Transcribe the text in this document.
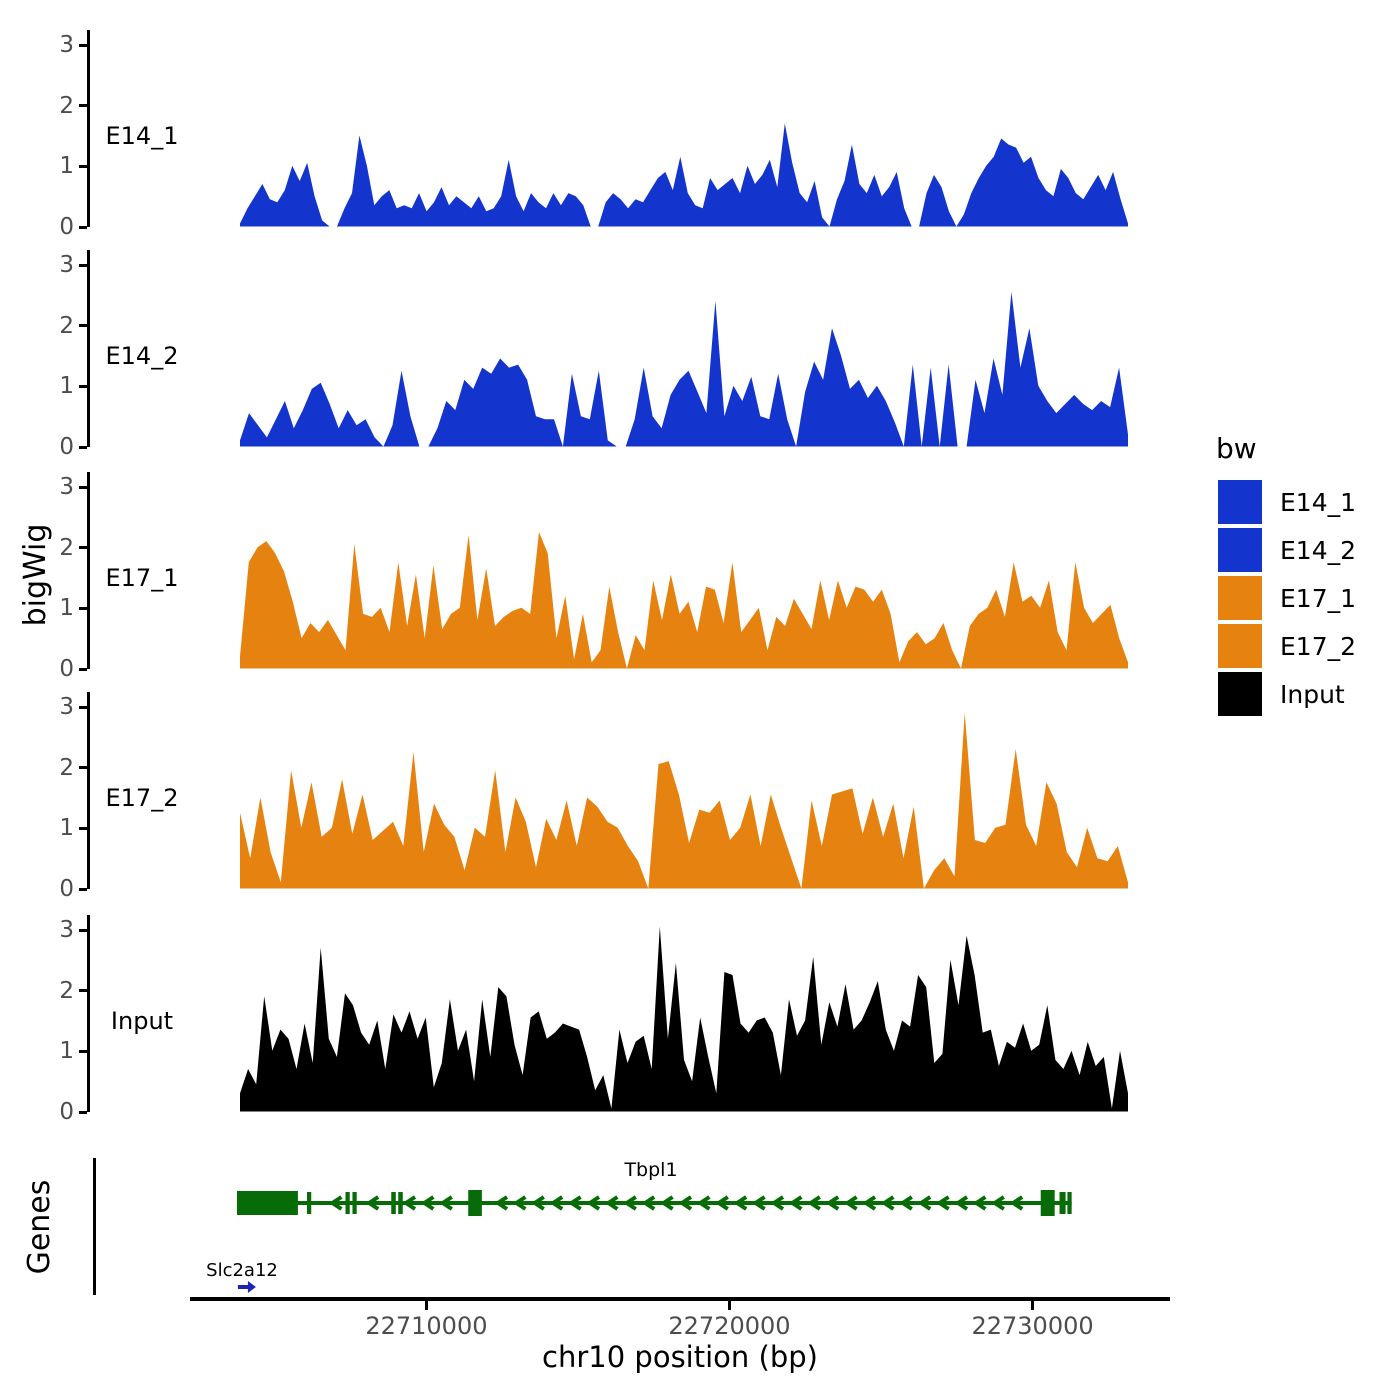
bigWig
Genes
0
1
2
3
E14_1
0
1
2
3
E14_2
0
1
2
3
E17_1
0
1
2
3
E17_2
0
1
2
3
Input
22710000	22720000	22730000
E14_1
E14_2
E17_1
E17_2
Input
Tbpl1
Slc2a12
chr10 position (bp)
bw
